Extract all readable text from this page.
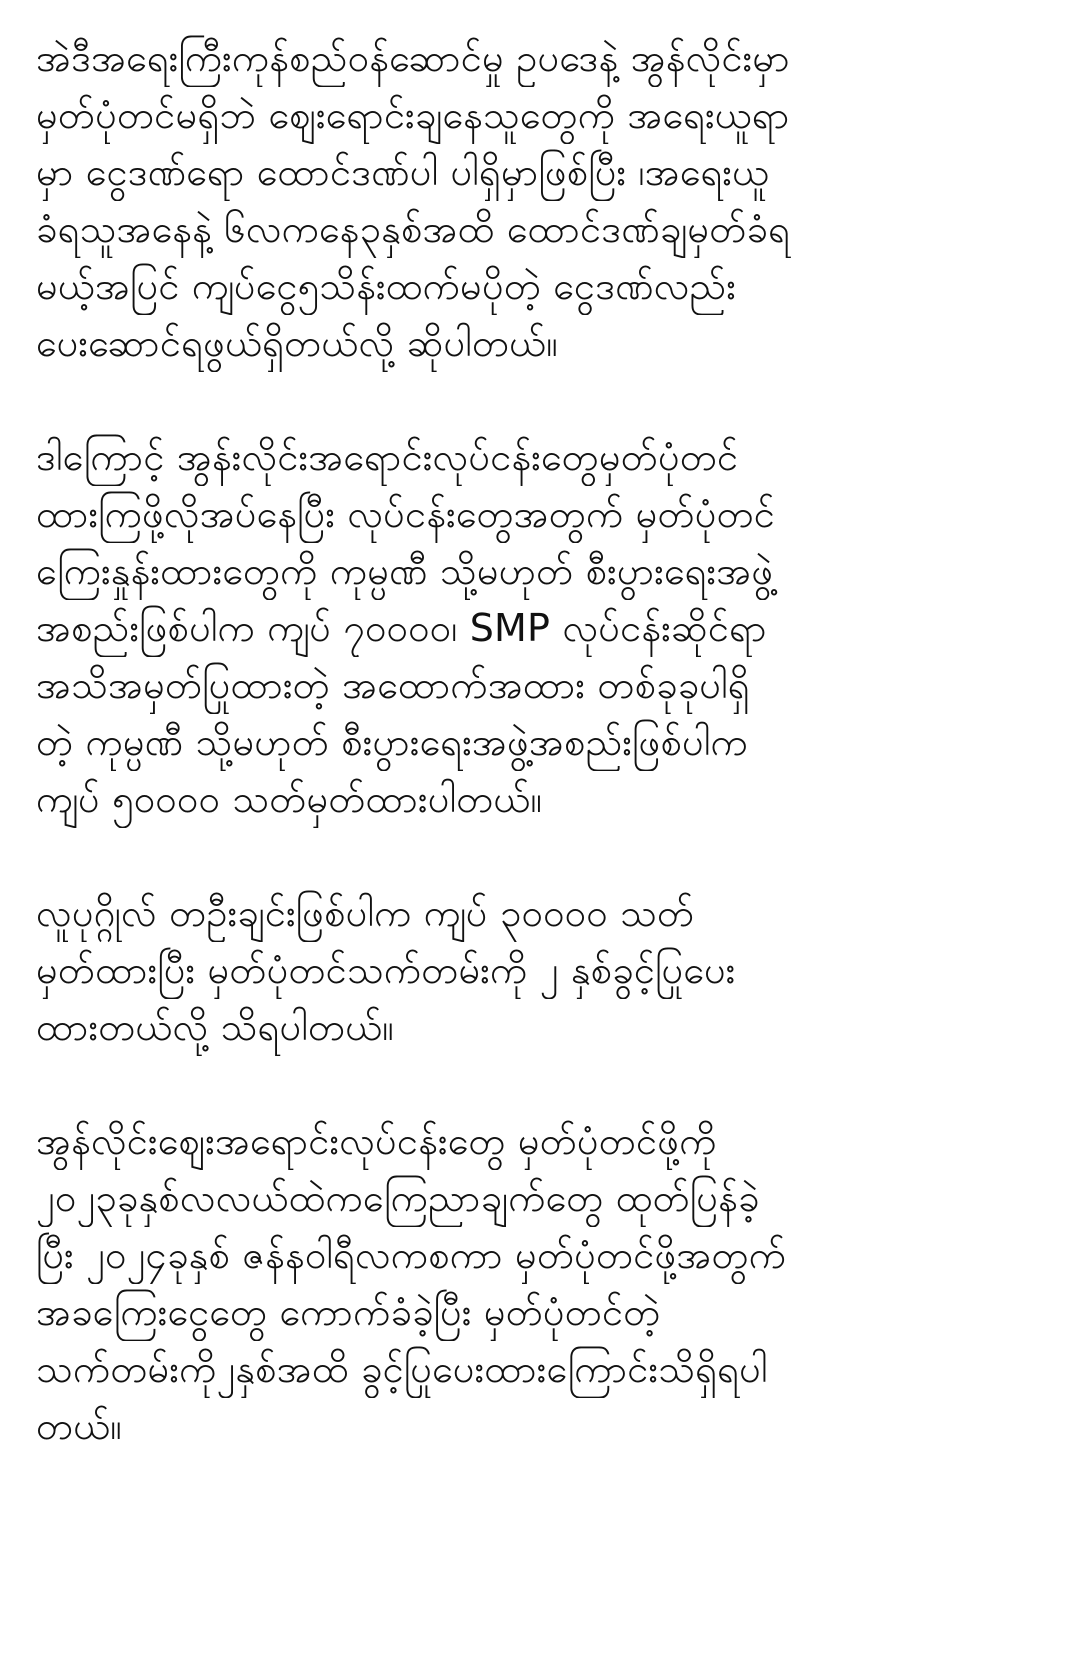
အဲဒီအရေးကြီးကုန်စည်ဝန်ဆောင်မှု ဥပဒေနဲ့ အွန်လိုင်းမှာ
မှတ်ပုံတင်မရှိဘဲ ဈေးရောင်းချနေသူတွေကို အရေးယူရာ
မှာ ငွေဒဏ်ရော ထောင်ဒဏ်ပါ ပါရှိမှာဖြစ်ပြီး ၊အရေးယူ
ခံရသူအနေနဲ့ ၆လကနေ၃နှစ်အထိ ထောင်ဒဏ်ချမှတ်ခံရ
မယ့်အပြင် ကျပ်ငွေ၅သိန်းထက်မပိုတဲ့ ငွေဒဏ်လည်း
ပေးဆောင်ရဖွယ်ရှိတယ်လို့ ဆိုပါတယ်။
ဒါကြောင့် အွန်းလိုင်းအရောင်းလုပ်ငန်းတွေမှတ်ပုံတင်
ထားကြဖို့လိုအပ်နေပြီး လုပ်ငန်းတွေအတွက် မှတ်ပုံတင်
ကြေးနှုန်းထားတွေကို ကုမ္ပဏီ သို့မဟုတ် စီးပွားရေးအဖွဲ့
အစည်းဖြစ်ပါက ကျပ် ၇၀၀၀၀၊ SMP လုပ်ငန်းဆိုင်ရာ
အသိအမှတ်ပြုထားတဲ့ အထောက်အထား တစ်ခုခုပါရှိ
တဲ့ ကုမ္ပဏီ သို့မဟုတ် စီးပွားရေးအဖွဲ့အစည်းဖြစ်ပါက
ကျပ် ၅၀၀၀၀ သတ်မှတ်ထားပါတယ်။
လူပုဂ္ဂိုလ် တဦးချင်းဖြစ်ပါက ကျပ် ၃၀၀၀၀ သတ်
မှတ်ထားပြီး မှတ်ပုံတင်သက်တမ်းကို ၂ နှစ်ခွင့်ပြုပေး
ထားတယ်လို့ သိရပါတယ်။
အွန်လိုင်းဈေးအရောင်းလုပ်ငန်းတွေ မှတ်ပုံတင်ဖို့ကို
၂၀၂၃ခုနှစ်လလယ်ထဲကကြေညာချက်တွေ ထုတ်ပြန်ခဲ့
ပြီး ၂၀၂၄ခုနှစ် ဇန်နဝါရီလကစကာ မှတ်ပုံတင်ဖို့အတွက်
အခကြေးငွေတွေ ကောက်ခံခဲ့ပြီး မှတ်ပုံတင်တဲ့
သက်တမ်းကို၂နှစ်အထိ ခွင့်ပြုပေးထားကြောင်းသိရှိရပါ
တယ်။
